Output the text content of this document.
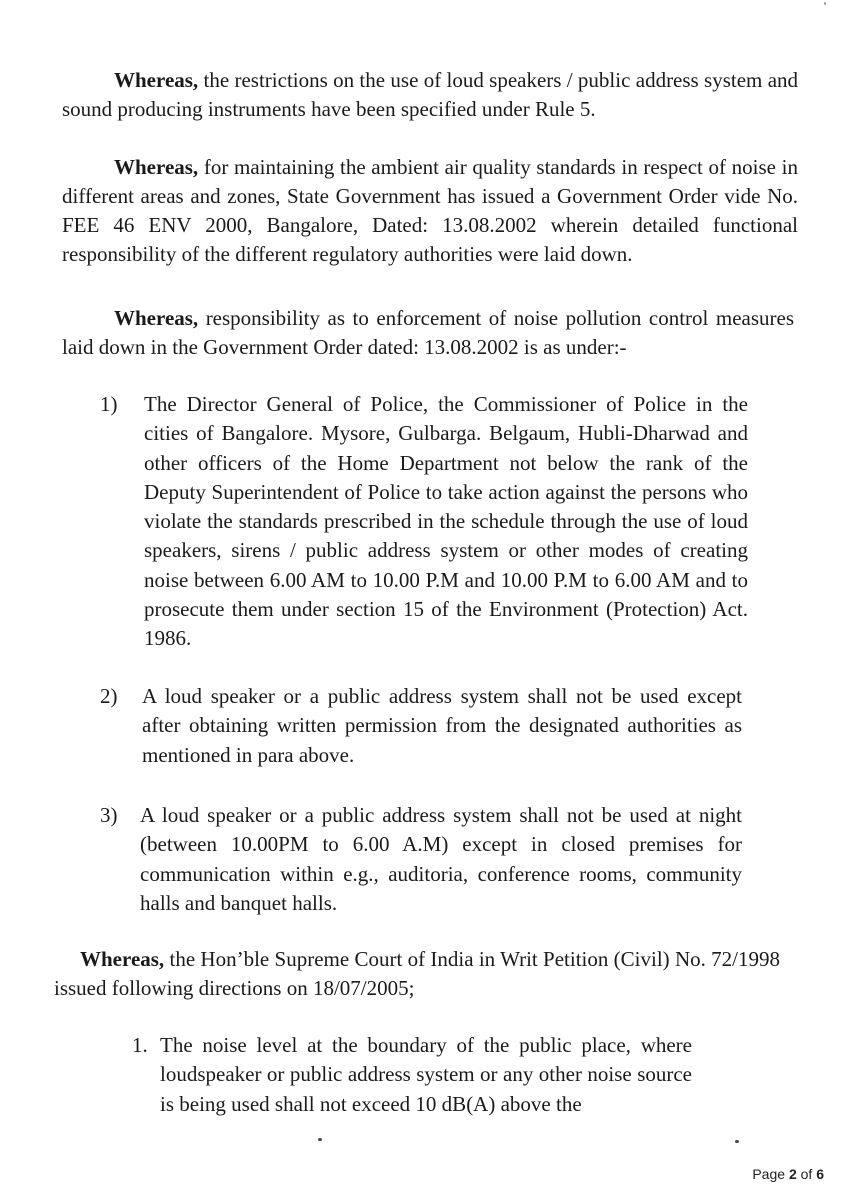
Whereas, the restrictions on the use of loud speakers / public address system and sound producing instruments have been specified under Rule 5.

Whereas, for maintaining the ambient air quality standards in respect of noise in different areas and zones, State Government has issued a Government Order vide No. FEE 46 ENV 2000, Bangalore, Dated: 13.08.2002 wherein detailed functional responsibility of the different regulatory authorities were laid down.

Whereas, responsibility as to enforcement of noise pollution control measures laid down in the Government Order dated: 13.08.2002 is as under:-

1) The Director General of Police, the Commissioner of Police in the cities of Bangalore. Mysore, Gulbarga. Belgaum, Hubli-Dharwad and other officers of the Home Department not below the rank of the Deputy Superintendent of Police to take action against the persons who violate the standards prescribed in the schedule through the use of loud speakers, sirens / public address system or other modes of creating noise between 6.00 AM to 10.00 P.M and 10.00 P.M to 6.00 AM and to prosecute them under section 15 of the Environment (Protection) Act. 1986.

2) A loud speaker or a public address system shall not be used except after obtaining written permission from the designated authorities as mentioned in para above.

3) A loud speaker or a public address system shall not be used at night (between 10.00PM to 6.00 A.M) except in closed premises for communication within e.g., auditoria, conference rooms, community halls and banquet halls.

Whereas, the Hon’ble Supreme Court of India in Writ Petition (Civil) No. 72/1998 issued following directions on 18/07/2005;

1. The noise level at the boundary of the public place, where loudspeaker or public address system or any other noise source is being used shall not exceed 10 dB(A) above the

Page 2 of 6
